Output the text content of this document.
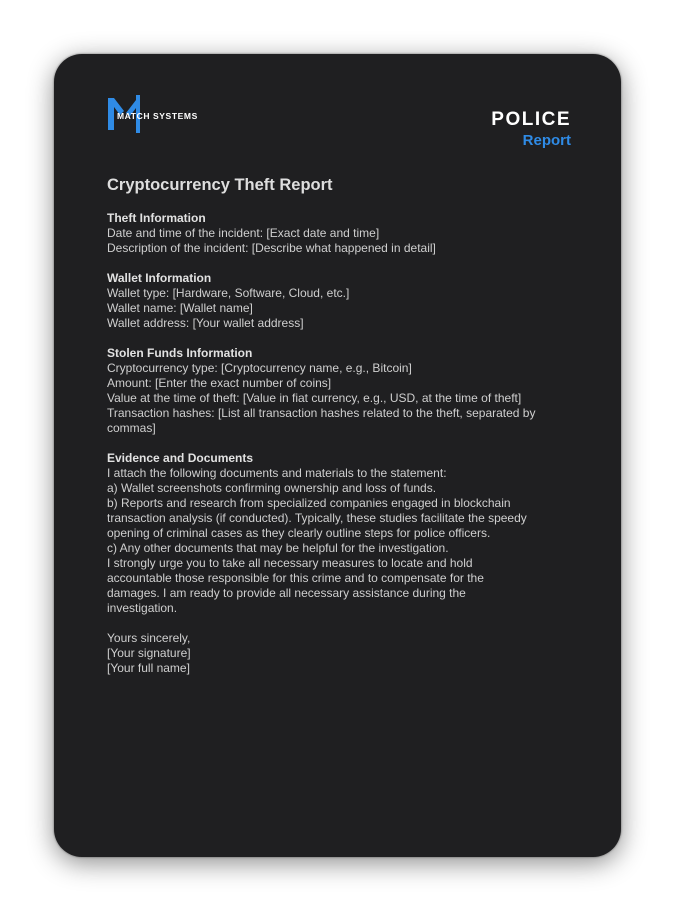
MATCH SYSTEMS	POLICE
Report
Cryptocurrency Theft Report
Theft Information
Date and time of the incident: [Exact date and time]
Description of the incident: [Describe what happened in detail]
Wallet Information
Wallet type: [Hardware, Software, Cloud, etc.]
Wallet name: [Wallet name]
Wallet address: [Your wallet address]
Stolen Funds Information
Cryptocurrency type: [Cryptocurrency name, e.g., Bitcoin]
Amount: [Enter the exact number of coins]
Value at the time of theft: [Value in fiat currency, e.g., USD, at the time of theft]
Transaction hashes: [List all transaction hashes related to the theft, separated by
commas]
Evidence and Documents
I attach the following documents and materials to the statement:
a) Wallet screenshots confirming ownership and loss of funds.
b) Reports and research from specialized companies engaged in blockchain
transaction analysis (if conducted). Typically, these studies facilitate the speedy
opening of criminal cases as they clearly outline steps for police officers.
c) Any other documents that may be helpful for the investigation.
I strongly urge you to take all necessary measures to locate and hold
accountable those responsible for this crime and to compensate for the
damages. I am ready to provide all necessary assistance during the
investigation.
Yours sincerely,
[Your signature]
[Your full name]
